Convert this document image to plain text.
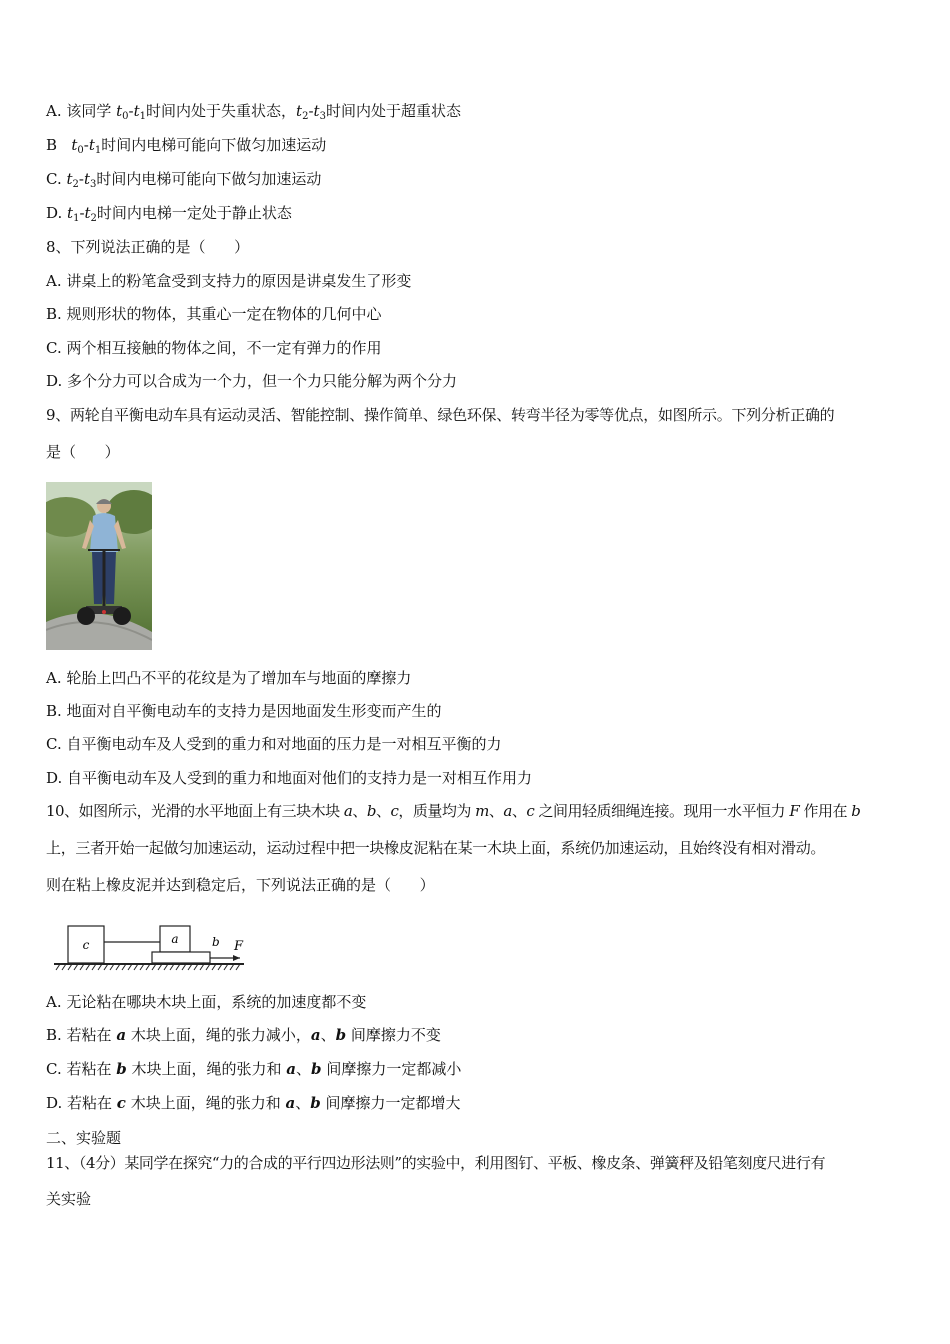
A. 该同学 $t_0-t_1$时间内处于失重状态，$t_2-t_3$时间内处于超重状态
B   $t_0-t_1$时间内电梯可能向下做匀加速运动
C. $t_2-t_3$时间内电梯可能向下做匀加速运动
D. $t_1-t_2$时间内电梯一定处于静止状态
8、下列说法正确的是（      ）
A. 讲桌上的粉笔盒受到支持力的原因是讲桌发生了形变
B. 规则形状的物体，其重心一定在物体的几何中心
C. 两个相互接触的物体之间，不一定有弹力的作用
D. 多个分力可以合成为一个力，但一个力只能分解为两个分力
9、两轮自平衡电动车具有运动灵活、智能控制、操作简单、绿色环保、转弯半径为零等优点，如图所示。下列分析正确的
是（      ）
A. 轮胎上凹凸不平的花纹是为了增加车与地面的摩擦力
B. 地面对自平衡电动车的支持力是因地面发生形变而产生的
C. 自平衡电动车及人受到的重力和对地面的压力是一对相互平衡的力
D. 自平衡电动车及人受到的重力和地面对他们的支持力是一对相互作用力
10、如图所示，光滑的水平地面上有三块木块 a、b、c，质量均为 m、a、c 之间用轻质细绳连接。现用一水平恒力 F 作用在 b
上，三者开始一起做匀加速运动，运动过程中把一块橡皮泥粘在某一木块上面，系统仍加速运动，且始终没有相对滑动。
则在粘上橡皮泥并达到稳定后，下列说法正确的是（      ）
c	a	b F
A. 无论粘在哪块木块上面，系统的加速度都不变
B. 若粘在 a 木块上面，绳的张力减小，a、b 间摩擦力不变
C. 若粘在 b 木块上面，绳的张力和 a、b 间摩擦力一定都减小
D. 若粘在 c 木块上面，绳的张力和 a、b 间摩擦力一定都增大
二、实验题
11、（4分）某同学在探究“力的合成的平行四边形法则”的实验中，利用图钉、平板、橡皮条、弹簧秤及铅笔刻度尺进行有
关实验
